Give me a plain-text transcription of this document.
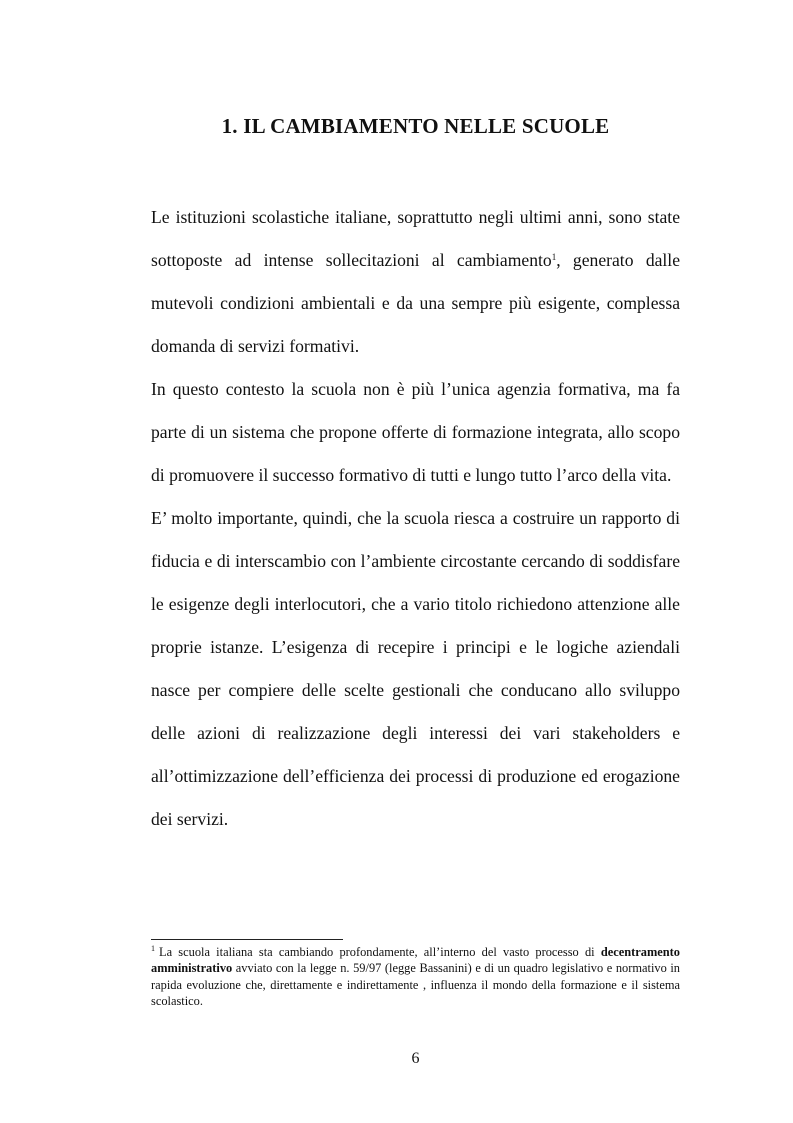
1. IL CAMBIAMENTO NELLE SCUOLE

Le istituzioni scolastiche italiane, soprattutto negli ultimi anni, sono state sottoposte ad intense sollecitazioni al cambiamento$^1$, generato dalle mutevoli condizioni ambientali e da una sempre più esigente, complessa domanda di servizi formativi.

In questo contesto la scuola non è più l’unica agenzia formativa, ma fa parte di un sistema che propone offerte di formazione integrata, allo scopo di promuovere il successo formativo di tutti e lungo tutto l’arco della vita.

E’ molto importante, quindi, che la scuola riesca a costruire un rapporto di fiducia e di interscambio con l’ambiente circostante cercando di soddisfare le esigenze degli interlocutori, che a vario titolo richiedono attenzione alle proprie istanze. L’esigenza di recepire i principi e le logiche aziendali nasce per compiere delle scelte gestionali che conducano allo sviluppo delle azioni di realizzazione degli interessi dei vari stakeholders e all’ottimizzazione dell’efficienza dei processi di produzione ed erogazione dei servizi.

$^1$ La scuola italiana sta cambiando profondamente, all’interno del vasto processo di decentramento amministrativo avviato con la legge n. 59/97 (legge Bassanini) e di un quadro legislativo e normativo in rapida evoluzione che, direttamente e indirettamente , influenza il mondo della formazione e il sistema scolastico.

6
